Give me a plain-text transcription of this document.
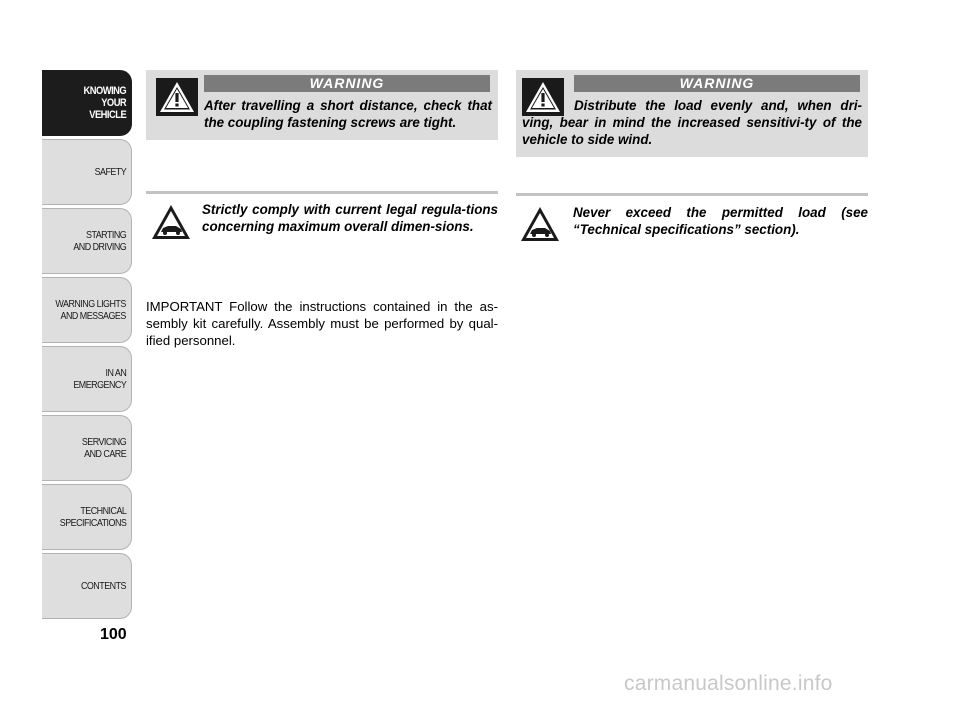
KNOWING
YOUR
VEHICLE
SAFETY
STARTING
AND DRIVING
WARNING LIGHTS
AND MESSAGES
IN AN
EMERGENCY
SERVICING
AND CARE
TECHNICAL
SPECIFICATIONS
CONTENTS
100
WARNING
After travelling a short distance, check that the coupling fastening screws are tight.
WARNING
Distribute the load evenly and, when dri-ving, bear in mind the increased sensitivi-ty of the vehicle to side wind.
Strictly comply with current legal regula-tions concerning maximum overall dimen-sions.
IMPORTANT Follow the instructions contained in the as-sembly kit carefully. Assembly must be performed by qual-ified personnel.
Never exceed the permitted load (see “Technical specifications” section).
carmanualsonline.info
